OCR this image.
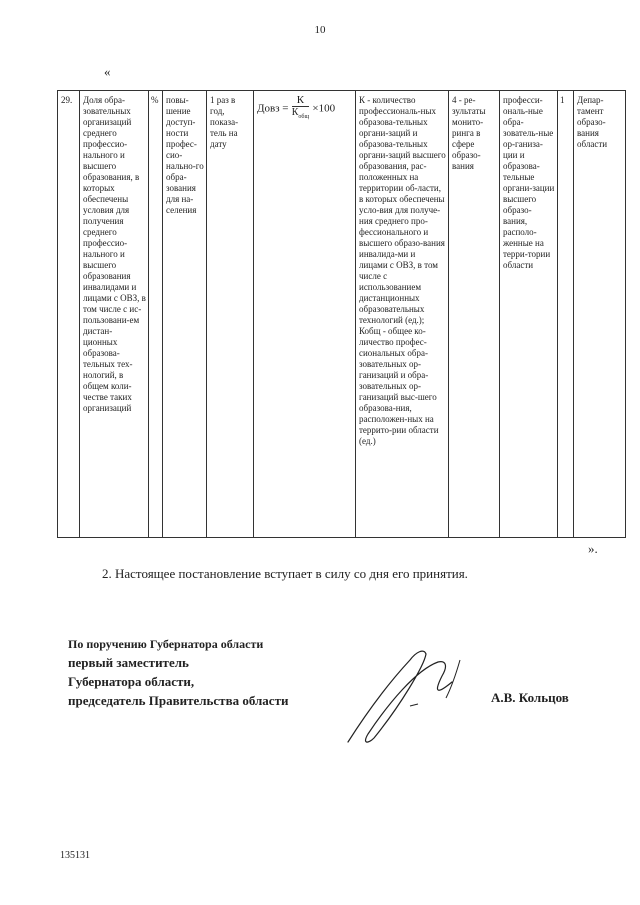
10
«
29.	Доля обра-зовательных организаций среднего профессио-нального и высшего образования, в которых обеспечены условия для получения среднего профессио-нального и высшего образования инвалидами и лицами с ОВЗ, в том числе с ис-пользовани-ем дистан-ционных образова-тельных тех-нологий, в общем коли-честве таких организаций	%	повы-шение доступ-ности профес-сио-нально-го обра-зования для на-селения	1 раз в год, показа-тель на дату	Довз = $\frac{К}{К_{общ}} \times 100$	К - количество профессиональ-ных образова-тельных органи-заций и образова-тельных органи-заций высшего образования, рас-положенных на территории об-ласти, в которых обеспечены усло-вия для получе-ния среднего про-фессионального и высшего образо-вания инвалида-ми и лицами с ОВЗ, в том числе с использованием дистанционных образовательных технологий (ед.); Кобщ - общее ко-личество профес-сиональных обра-зовательных ор-ганизаций и обра-зовательных ор-ганизаций выс-шего образова-ния, расположен-ных на террито-рии области (ед.)	4 - ре-зультаты монито-ринга в сфере образо-вания	професси-ональ-ные обра-зователь-ные ор-ганиза-ции и образова-тельные органи-зации высшего образо-вания, располо-женные на терри-тории области	1	Депар-тамент образо-вания области
».
2. Настоящее постановление вступает в силу со дня его принятия.
По поручению Губернатора области
первый заместитель
Губернатора области,
председатель Правительства области	А.В. Кольцов
135131
